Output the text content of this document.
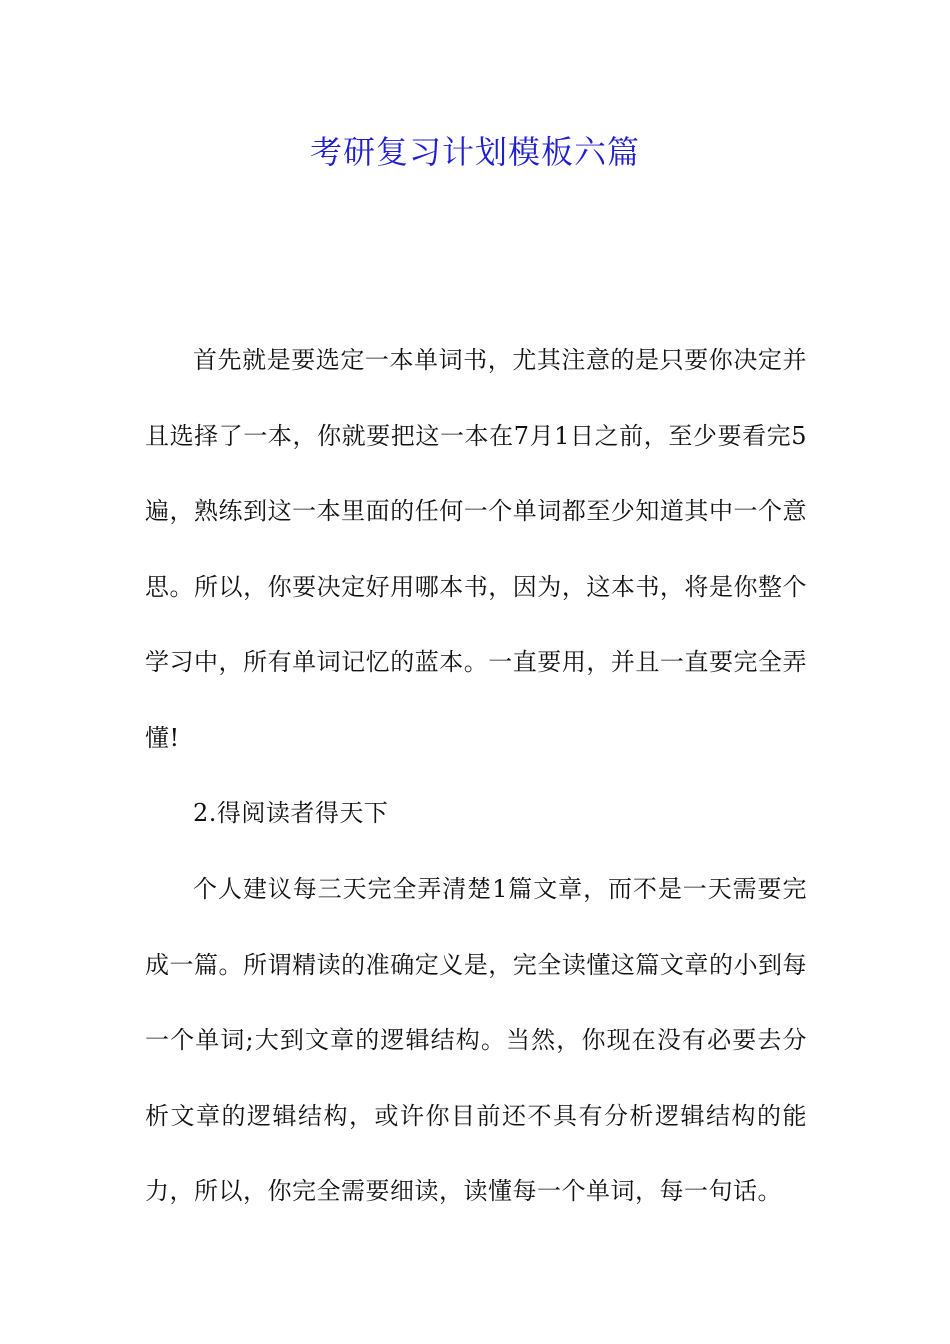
考研复习计划模板六篇

首先就是要选定一本单词书，尤其注意的是只要你决定并且选择了一本，你就要把这一本在7月1日之前，至少要看完5遍，熟练到这一本里面的任何一个单词都至少知道其中一个意思。所以，你要决定好用哪本书，因为，这本书，将是你整个学习中，所有单词记忆的蓝本。一直要用，并且一直要完全弄懂!

2.得阅读者得天下

个人建议每三天完全弄清楚1篇文章，而不是一天需要完成一篇。所谓精读的准确定义是，完全读懂这篇文章的小到每一个单词;大到文章的逻辑结构。当然，你现在没有必要去分析文章的逻辑结构，或许你目前还不具有分析逻辑结构的能力，所以，你完全需要细读，读懂每一个单词，每一句话。
